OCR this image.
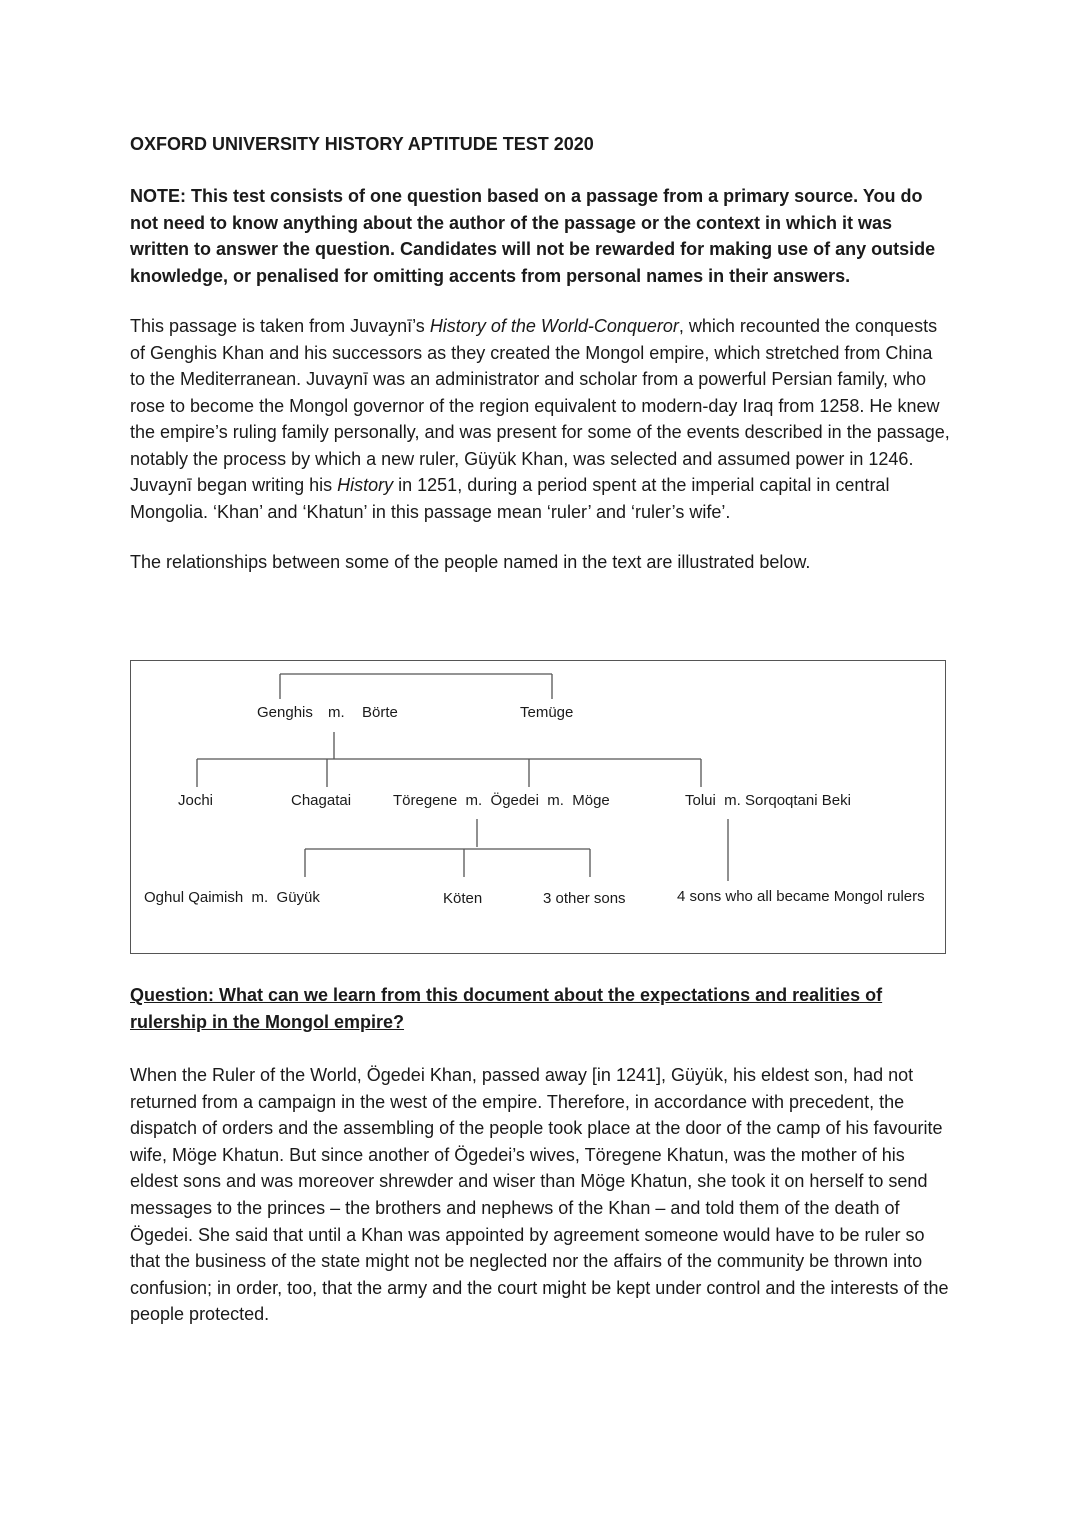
OXFORD UNIVERSITY HISTORY APTITUDE TEST 2020

NOTE: This test consists of one question based on a passage from a primary source. You do not need to know anything about the author of the passage or the context in which it was written to answer the question. Candidates will not be rewarded for making use of any outside knowledge, or penalised for omitting accents from personal names in their answers.

This passage is taken from Juvaynī’s History of the World-Conqueror, which recounted the conquests of Genghis Khan and his successors as they created the Mongol empire, which stretched from China to the Mediterranean. Juvaynī was an administrator and scholar from a powerful Persian family, who rose to become the Mongol governor of the region equivalent to modern-day Iraq from 1258. He knew the empire’s ruling family personally, and was present for some of the events described in the passage, notably the process by which a new ruler, Güyük Khan, was selected and assumed power in 1246. Juvaynī began writing his History in 1251, during a period spent at the imperial capital in central Mongolia. ‘Khan’ and ‘Khatun’ in this passage mean ‘ruler’ and ‘ruler’s wife’.

The relationships between some of the people named in the text are illustrated below.

Genghis m. Börte	Temüge
Jochi	Chagatai	Töregene  m.  Ögedei  m.  Möge	Tolui  m. Sorqoqtani Beki
Oghul Qaimish  m.  Güyük	Köten	3 other sons	4 sons who all became Mongol rulers

Question: What can we learn from this document about the expectations and realities of rulership in the Mongol empire?

When the Ruler of the World, Ögedei Khan, passed away [in 1241], Güyük, his eldest son, had not returned from a campaign in the west of the empire. Therefore, in accordance with precedent, the dispatch of orders and the assembling of the people took place at the door of the camp of his favourite wife, Möge Khatun. But since another of Ögedei’s wives, Töregene Khatun, was the mother of his eldest sons and was moreover shrewder and wiser than Möge Khatun, she took it on herself to send messages to the princes – the brothers and nephews of the Khan – and told them of the death of Ögedei. She said that until a Khan was appointed by agreement someone would have to be ruler so that the business of the state might not be neglected nor the affairs of the community be thrown into confusion; in order, too, that the army and the court might be kept under control and the interests of the people protected.
